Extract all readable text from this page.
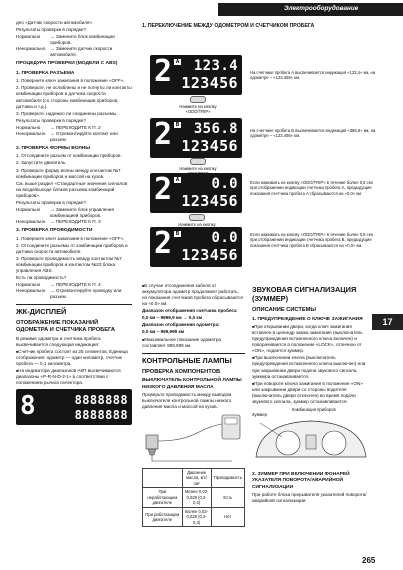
Электрооборудование

део «Датчик скорости автомобиля».

Результаты проверки в порядке?

Нормально	→ Замените блок комбинации приборов.
Ненормально → Замените датчик скорости автомобиля.
ПРОЦЕДУРА ПРОВЕРКИ (МОДЕЛИ С ABS)
1. ПРОВЕРКА РАЗЪЕМА

1. Поверните ключ зажигания в положение «OFF».

2. Проверьте, не ослаблены и не погнуты ли контакты комбинации приборов и датчика скорости автомобиля (со стороны комбинации приборов, датчика и т.д.).

3. Проверьте, надежно ли соединены разъемы.

Результаты проверки в порядке?

Нормально	→ ПЕРЕХОДИТЕ К П. 2
Ненормально → Отремонтируйте контакт или разъем.
2. ПРОВЕРКА ФОРМЫ ВОЛНЫ

1. Отсоедините разъем от комбинации приборов.

2. Запустите двигатель.

3. Проверьте форму волны между контактом №7 комбинации приборов и массой на кузов.

См. выше раздел «Стандартные значения сигналов на входе/выходе блоков разъема комбинаций приборов».

Результаты проверки в порядке?

Нормально	→ Замените блок управления комбинацией приборов.
Ненормально → ПЕРЕХОДИТЕ К П. 3
3. ПРОВЕРКА ПРОВОДИМОСТИ

1. Поверните ключ зажигания в положение «OFF».

2. Отсоедините разъемы от комбинации приборов и датчика скорости автомобиля.

3. Проверьте проводимость между контактом №7 комбинации приборов и контактом №23 блока управления ABS.

Есть ли проводимость?

Нормально	→ ПЕРЕХОДИТЕ К П. 4
Ненормально → Отремонтируйте проводку или разъем.
ЖК-ДИСПЛЕЙ
ОТОБРАЖЕНИЕ ПОКАЗАНИЙ ОДОМЕТРА И СЧЕТЧИКА ПРОБЕГА

В режиме одометра и счетчика пробега высвечивается следующая индикация:

■ Счетчик пробега состоит из 25 сегментов. Единица отображения: одометр — один километр, счетчик пробега — 0,1 километра.

■ На индикаторе диапазонов АКП высвечиваются диапазоны «P-R-N-D-2-1» в соответствии с положением рычага селектора.

8	8888888
8888888
1. ПЕРЕКЛЮЧЕНИЕ МЕЖДУ ОДОМЕТРОМ И СЧЕТЧИКОМ ПРОБЕГА
2 A 123.4
123456
На счетчике пробега A высвечивается индикация «123,4» км, на одометре – «123.456» км.
Нажмите на кнопку «ODO/TRIP»
2 B 356.8
123456
На счетчике пробега B высвечивается индикация «356,8» км, на одометре – «123.456» км.
Нажмите на кнопку
2 A 0.0
123456
Если нажимать на кнопку «ODO/TRIP» в течение более 0,8 сек при отображении индикации счетчика пробега A, предыдущие показания счетчика пробега A сбрасываются на «0,0» км.
Нажмите на кнопку
2 B 0.0
123456
Если нажимать на кнопку «ODO/TRIP» в течение более 0,8 сек при отображении индикации счетчика пробега B, предыдущие показания счетчика пробега B сбрасываются на «0,0» км.
17

■ В случае отсоединения кабеля от аккумулятора одометр продолжает работать, но показания счетчиков пробега сбрасываются на «0.0» км.

Диапазон отображения счетчика пробега:

0,0 км ~ 9999,9 км → 0,0 км

Диапазон отображения одометра:

0,0 км ~ 999,999 км

■ Максимальное показание одометра составляет 999,999 км.

КОНТРОЛЬНЫЕ ЛАМПЫ
ПРОВЕРКА КОМПОНЕНТОВ
ВЫКЛЮЧАТЕЛЬ КОНТРОЛЬНОЙ ЛАМПЫ НИЗКОГО ДАВЛЕНИЯ МАСЛА

Проверьте проводимость между выводом выключателя контрольной лампы низкого давления масла и массой на кузов.

	Давление масла, кгс/см²	Проводимость
При неработающем двигателе	Менее 0,02-0,029 (0,2-0,3)	Есть
При работающем двигателе	Более 0,02-0,029 (0,2-0,3)	Нет
ЗВУКОВАЯ СИГНАЛИЗАЦИЯ (ЗУММЕР)
ОПИСАНИЕ СИСТЕМЫ
1. ПРЕДУПРЕЖДЕНИЕ О КЛЮЧЕ ЗАЖИГАНИЯ

■ При открывании двери, когда ключ зажигания вставлен в цилиндр замка зажигания (выключатель предупреждения вставленного ключа включен) и поворачивается в положение «LOCK», отличное от «ON», подается зуммер.

■ При выключении ключа (выключатель предупреждения вставленного ключа выключен) или при закрывании двери подача звукового сигнала, зуммера останавливается.

■ При повороте ключа зажигания в положение «ON» или закрывании двери со стороны водителя (выключатель двери отключен) во время подачи звукового сигнала, зуммер останавливается.

Комбинация приборов
Зуммер
2. ЗУММЕР ПРИ ВКЛЮЧЕНИИ ФОНАРЕЙ УКАЗАТЕЛЯ ПОВОРОТА/АВАРИЙНОЙ СИГНАЛИЗАЦИИ

При работе блока прерывателя указателей поворота/аварийной сигнализации

265
